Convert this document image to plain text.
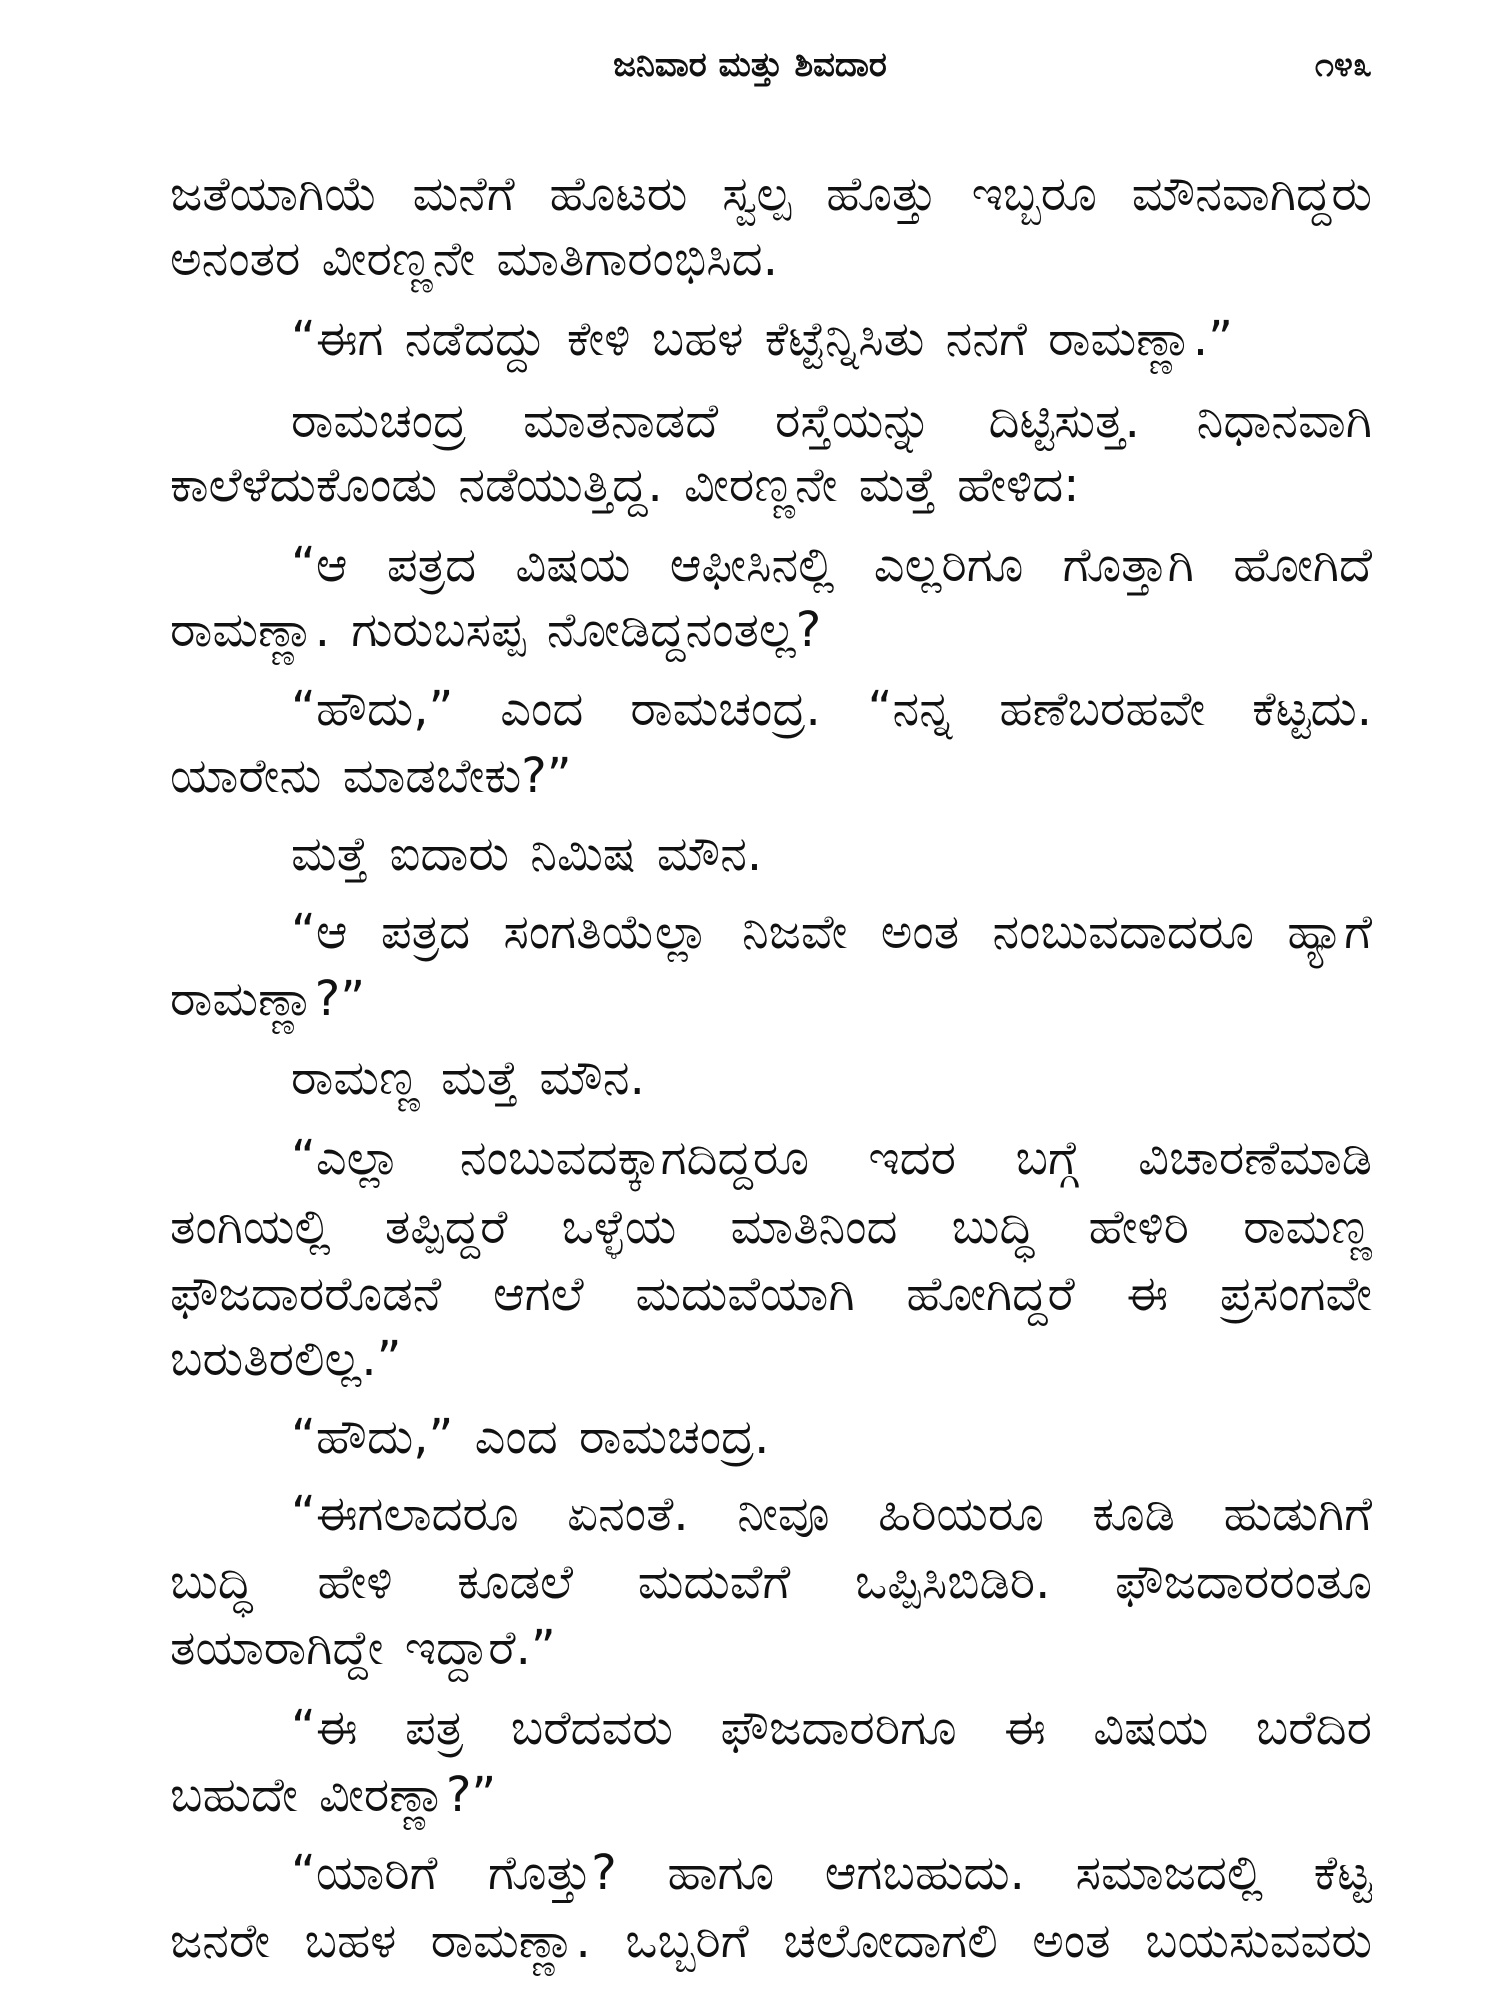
ಜನಿವಾರ ಮತ್ತು ಶಿವದಾರ	೧೪೩
ಜತೆಯಾಗಿಯೆ ಮನೆಗೆ ಹೊಟರು ಸ್ವಲ್ಪ ಹೊತ್ತು ಇಬ್ಬರೂ ಮೌನವಾಗಿದ್ದರು
ಅನಂತರ ವೀರಣ್ಣನೇ ಮಾತಿಗಾರಂಭಿಸಿದ.
“ಈಗ ನಡೆದದ್ದು ಕೇಳಿ ಬಹಳ ಕೆಟ್ಟೆನ್ನಿಸಿತು ನನಗೆ ರಾಮಣ್ಣಾ.”
ರಾಮಚಂದ್ರ ಮಾತನಾಡದೆ ರಸ್ತೆಯನ್ನು ದಿಟ್ಟಿಸುತ್ತ. ನಿಧಾನವಾಗಿ
ಕಾಲೆಳೆದುಕೊಂಡು ನಡೆಯುತ್ತಿದ್ದ. ವೀರಣ್ಣನೇ ಮತ್ತೆ ಹೇಳಿದ:
“ಆ ಪತ್ರದ ವಿಷಯ ಆಫೀಸಿನಲ್ಲಿ ಎಲ್ಲರಿಗೂ ಗೊತ್ತಾಗಿ ಹೋಗಿದೆ
ರಾಮಣ್ಣಾ. ಗುರುಬಸಪ್ಪ ನೋಡಿದ್ದನಂತಲ್ಲ?
“ಹೌದು,” ಎಂದ ರಾಮಚಂದ್ರ. “ನನ್ನ ಹಣೆಬರಹವೇ ಕೆಟ್ಟದು.
ಯಾರೇನು ಮಾಡಬೇಕು?”
ಮತ್ತೆ ಐದಾರು ನಿಮಿಷ ಮೌನ.
“ಆ ಪತ್ರದ ಸಂಗತಿಯೆಲ್ಲಾ ನಿಜವೇ ಅಂತ ನಂಬುವದಾದರೂ ಹ್ಯಾಗೆ
ರಾಮಣ್ಣಾ?”
ರಾಮಣ್ಣ ಮತ್ತೆ ಮೌನ.
“ಎಲ್ಲಾ ನಂಬುವದಕ್ಕಾಗದಿದ್ದರೂ ಇದರ ಬಗ್ಗೆ ವಿಚಾರಣೆಮಾಡಿ
ತಂಗಿಯಲ್ಲಿ ತಪ್ಪಿದ್ದರೆ ಒಳ್ಳೆಯ ಮಾತಿನಿಂದ ಬುದ್ಧಿ ಹೇಳಿರಿ ರಾಮಣ್ಣ
ಫೌಜದಾರರೊಡನೆ ಆಗಲೆ ಮದುವೆಯಾಗಿ ಹೋಗಿದ್ದರೆ ಈ ಪ್ರಸಂಗವೇ
ಬರುತಿರಲಿಲ್ಲ.”
“ಹೌದು,” ಎಂದ ರಾಮಚಂದ್ರ.
“ಈಗಲಾದರೂ ಏನಂತೆ. ನೀವೂ ಹಿರಿಯರೂ ಕೂಡಿ ಹುಡುಗಿಗೆ
ಬುದ್ಧಿ ಹೇಳಿ ಕೂಡಲೆ ಮದುವೆಗೆ ಒಪ್ಪಿಸಿಬಿಡಿರಿ. ಫೌಜದಾರರಂತೂ
ತಯಾರಾಗಿದ್ದೇ ಇದ್ದಾರೆ.”
“ಈ ಪತ್ರ ಬರೆದವರು ಫೌಜದಾರರಿಗೂ ಈ ವಿಷಯ ಬರೆದಿರ
ಬಹುದೇ ವೀರಣ್ಣಾ?”
“ಯಾರಿಗೆ ಗೊತ್ತು? ಹಾಗೂ ಆಗಬಹುದು. ಸಮಾಜದಲ್ಲಿ ಕೆಟ್ಟ
ಜನರೇ ಬಹಳ ರಾಮಣ್ಣಾ. ಒಬ್ಬರಿಗೆ ಚಲೋದಾಗಲಿ ಅಂತ ಬಯಸುವವರು
